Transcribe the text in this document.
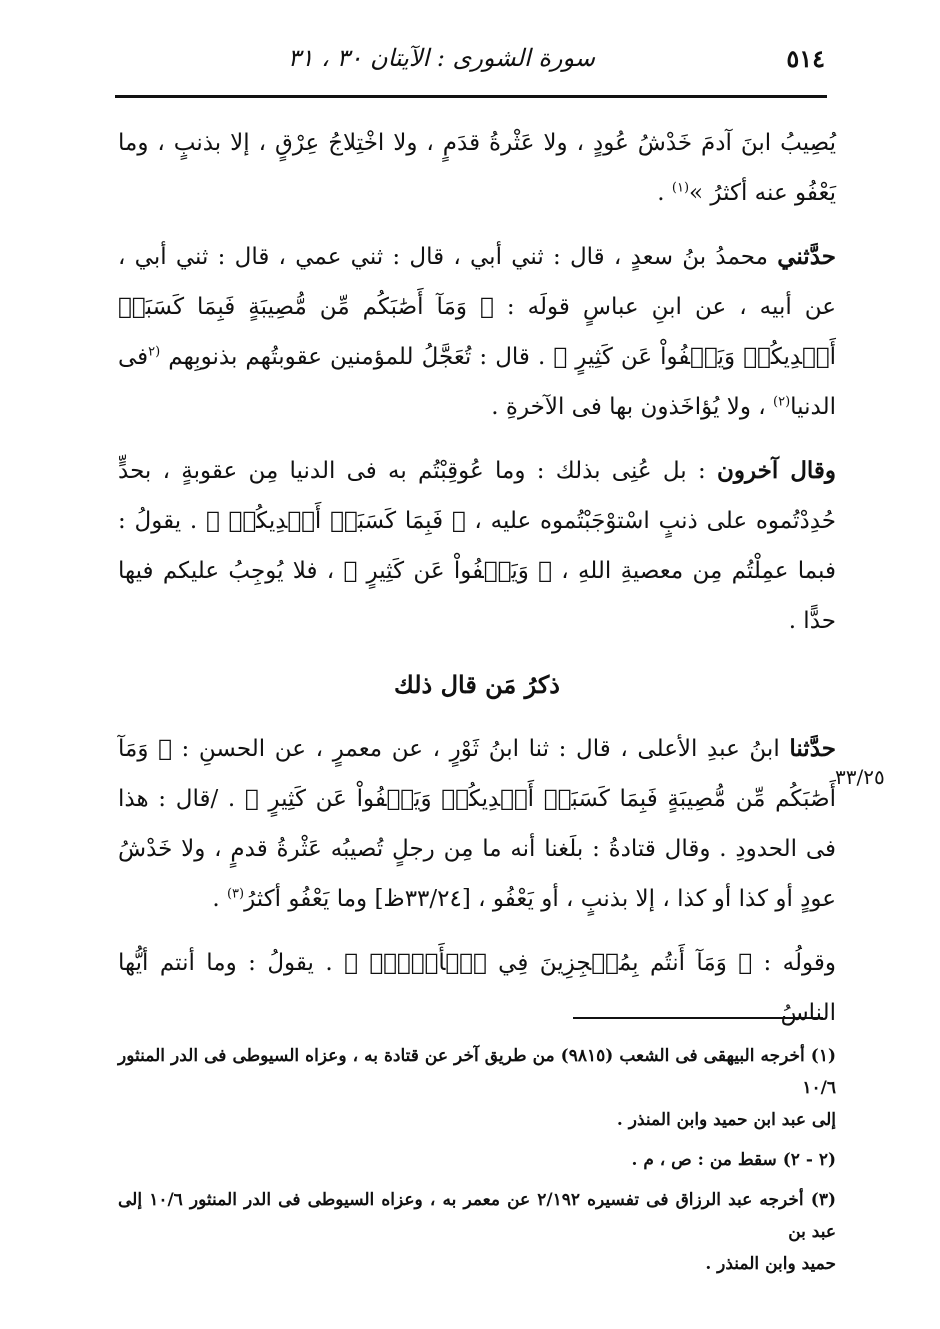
٥١٤
سورة الشورى : الآيتان ٣٠ ، ٣١

يُصِيبُ ابنَ آدمَ خَدْشُ عُودٍ ، ولا عَثْرةُ قدَمٍ ، ولا اخْتِلاجُ عِرْقٍ ، إلا بذنبٍ ، وما يَعْفُو عنه أكثرُ »$^{(١)}$ .

حدَّثني محمدُ بنُ سعدٍ ، قال : ثني أبي ، قال : ثني عمي ، قال : ثني أبي ، عن أبيه ، عن ابنِ عباسٍ قولَه : ﴿ وَمَآ أَصَٰبَكُم مِّن مُّصِيبَةٍ فَبِمَا كَسَبَتۡ أَيۡدِيكُمۡ وَيَعۡفُواْ عَن كَثِيرٍ ﴾ . قال : تُعَجَّلُ للمؤمنين عقوبتُهم بذنوبِهم $^{(٢}$فى الدنيا$^{(٢)}$ ، ولا يُؤاخَذون بها فى الآخرةِ .

وقال آخرون : بل عُنِى بذلك : وما عُوقِبْتُم به فى الدنيا مِن عقوبةٍ ، بحدٍّ حُدِدْتُموه على ذنبٍ اسْتوْجَبْتُموه عليه ، ﴿ فَبِمَا كَسَبَتۡ أَيۡدِيكُمۡ ﴾ . يقولُ : فبما عمِلْتُم مِن معصيةِ اللهِ ، ﴿ وَيَعۡفُواْ عَن كَثِيرٍ ﴾ ، فلا يُوجِبُ عليكم فيها حدًّا .

ذكرُ مَن قال ذلك

حدَّثنا ابنُ عبدِ الأعلى ، قال : ثنا ابنُ ثَوْرٍ ، عن معمرٍ ، عن الحسنِ : ﴿ وَمَآ أَصَٰبَكُم مِّن مُّصِيبَةٍ فَبِمَا كَسَبَتۡ أَيۡدِيكُمۡ وَيَعۡفُواْ عَن كَثِيرٍ ﴾ . /قال : هذا فى الحدودِ . وقال قتادةُ : بلَغنا أنه ما مِن رجلٍ تُصيبُه عَثْرةُ قدمٍ ، ولا خَدْشُ عودٍ أو كذا أو كذا ، إلا بذنبٍ ، أو يَعْفُو ، [٣٣/٢٤ظ] وما يَعْفُو أكثرُ$^{(٣)}$ .

وقولُه : ﴿ وَمَآ أَنتُم بِمُعۡجِزِينَ فِي ٱلۡأَرۡضِۖ ﴾ . يقولُ : وما أنتم أيُّها الناسُ

٣٣/٢٥

(١) أخرجه البيهقى فى الشعب (٩٨١٥) من طريق آخر عن قتادة به ، وعزاه السيوطى فى الدر المنثور ١٠/٦
إلى عبد ابن حميد وابن المنذر .

(٢ - ٢) سقط من : ص ، م .

(٣) أخرجه عبد الرزاق فى تفسيره ٢/١٩٢ عن معمر به ، وعزاه السيوطى فى الدر المنثور ١٠/٦ إلى عبد بن
حميد وابن المنذر .
